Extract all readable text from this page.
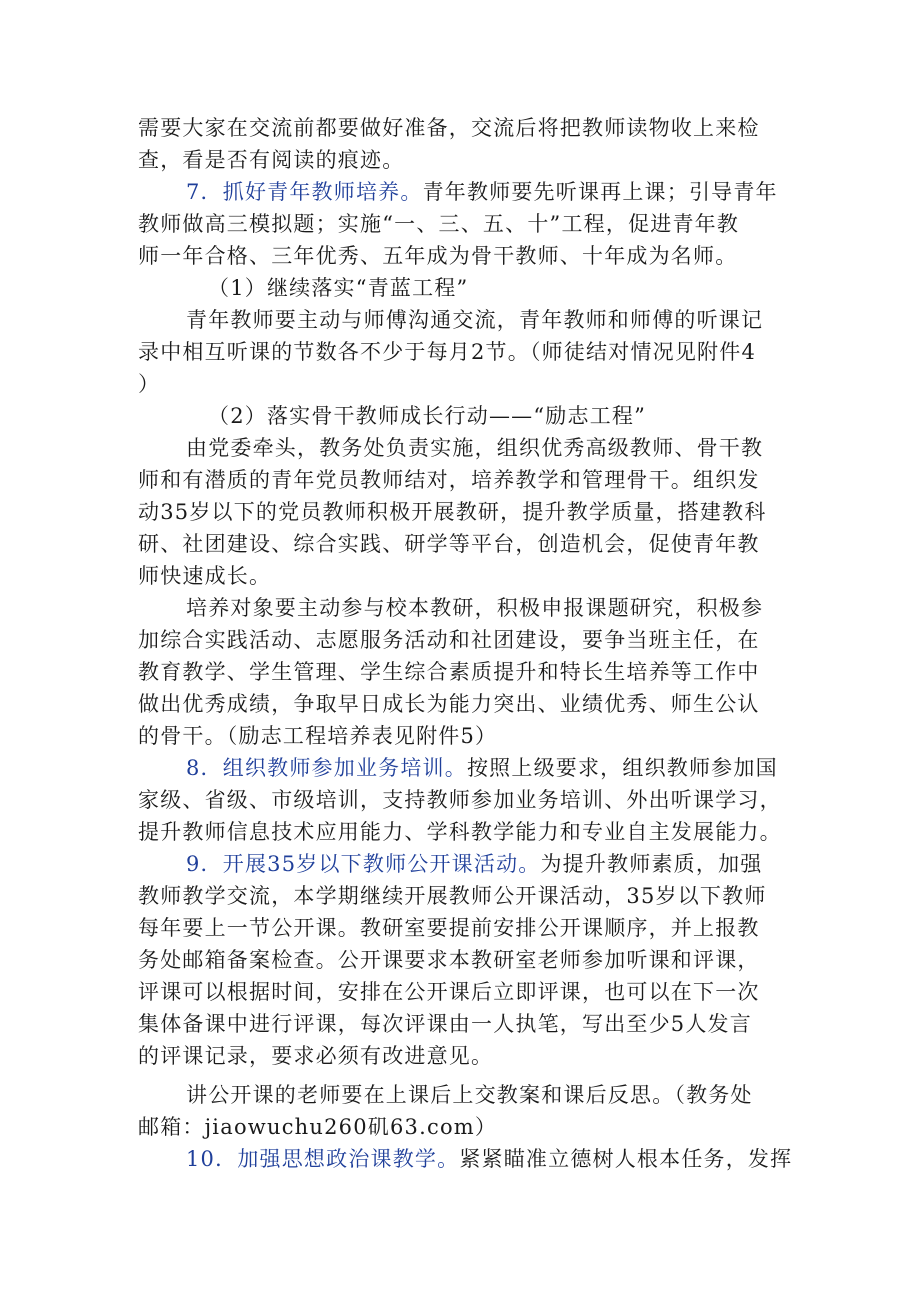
需要大家在交流前都要做好准备，交流后将把教师读物收上来检
查，看是否有阅读的痕迹。
7．抓好青年教师培养。青年教师要先听课再上课；引导青年
教师做高三模拟题；实施“一、三、五、十”工程，促进青年教
师一年合格、三年优秀、五年成为骨干教师、十年成为名师。
（1）继续落实“青蓝工程”
青年教师要主动与师傅沟通交流，青年教师和师傅的听课记
录中相互听课的节数各不少于每月2节。（师徒结对情况见附件4
）
（2）落实骨干教师成长行动——“励志工程”
由党委牵头，教务处负责实施，组织优秀高级教师、骨干教
师和有潜质的青年党员教师结对，培养教学和管理骨干。组织发
动35岁以下的党员教师积极开展教研，提升教学质量，搭建教科
研、社团建设、综合实践、研学等平台，创造机会，促使青年教
师快速成长。
培养对象要主动参与校本教研，积极申报课题研究，积极参
加综合实践活动、志愿服务活动和社团建设，要争当班主任，在
教育教学、学生管理、学生综合素质提升和特长生培养等工作中
做出优秀成绩，争取早日成长为能力突出、业绩优秀、师生公认
的骨干。（励志工程培养表见附件5）
8．组织教师参加业务培训。按照上级要求，组织教师参加国
家级、省级、市级培训，支持教师参加业务培训、外出听课学习，
提升教师信息技术应用能力、学科教学能力和专业自主发展能力。
9．开展35岁以下教师公开课活动。为提升教师素质，加强
教师教学交流，本学期继续开展教师公开课活动，35岁以下教师
每年要上一节公开课。教研室要提前安排公开课顺序，并上报教
务处邮箱备案检查。公开课要求本教研室老师参加听课和评课，
评课可以根据时间，安排在公开课后立即评课，也可以在下一次
集体备课中进行评课，每次评课由一人执笔，写出至少5人发言
的评课记录，要求必须有改进意见。
讲公开课的老师要在上课后上交教案和课后反思。（教务处
邮箱：jiaowuchu260矶63.com）
10．加强思想政治课教学。紧紧瞄准立德树人根本任务，发挥
